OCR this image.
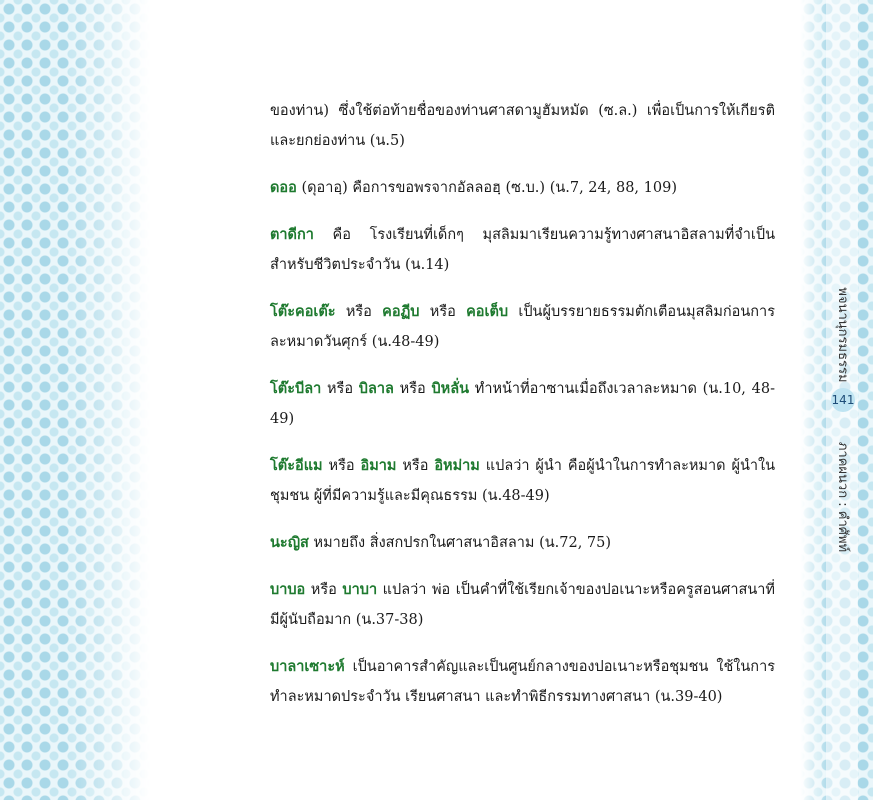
พจนานุกรมธรรม
141
ภาคผนวก : คำศัพท์

ของท่าน) ซึ่งใช้ต่อท้ายชื่อของท่านศาสดามูฮัมหมัด (ซ.ล.) เพื่อเป็นการให้เกียรติและยกย่องท่าน (น.5)

ดออ (ดุอาอฺ) คือการขอพรจากอัลลอฮฺ (ซ.บ.) (น.7, 24, 88, 109)

ตาดีกา คือ โรงเรียนที่เด็กๆ มุสลิมมาเรียนความรู้ทางศาสนาอิสลามที่จำเป็นสำหรับชีวิตประจำวัน (น.14)

โต๊ะคอเต๊ะ หรือ คอฏีบ หรือ คอเต็บ เป็นผู้บรรยายธรรมตักเตือนมุสลิมก่อนการละหมาดวันศุกร์ (น.48-49)

โต๊ะบีลา หรือ บิลาล หรือ บิหลั่น ทำหน้าที่อาซานเมื่อถึงเวลาละหมาด (น.10, 48-49)

โต๊ะอีแม หรือ อิมาม หรือ อิหม่าม แปลว่า ผู้นำ คือผู้นำในการทำละหมาด ผู้นำในชุมชน ผู้ที่มีความรู้และมีคุณธรรม (น.48-49)

นะญิส หมายถึง สิ่งสกปรกในศาสนาอิสลาม (น.72, 75)

บาบอ หรือ บาบา แปลว่า พ่อ เป็นคำที่ใช้เรียกเจ้าของปอเนาะหรือครูสอนศาสนาที่มีผู้นับถือมาก (น.37-38)

บาลาเซาะห์ เป็นอาคารสำคัญและเป็นศูนย์กลางของปอเนาะหรือชุมชน ใช้ในการทำละหมาดประจำวัน เรียนศาสนา และทำพิธีกรรมทางศาสนา (น.39-40)
